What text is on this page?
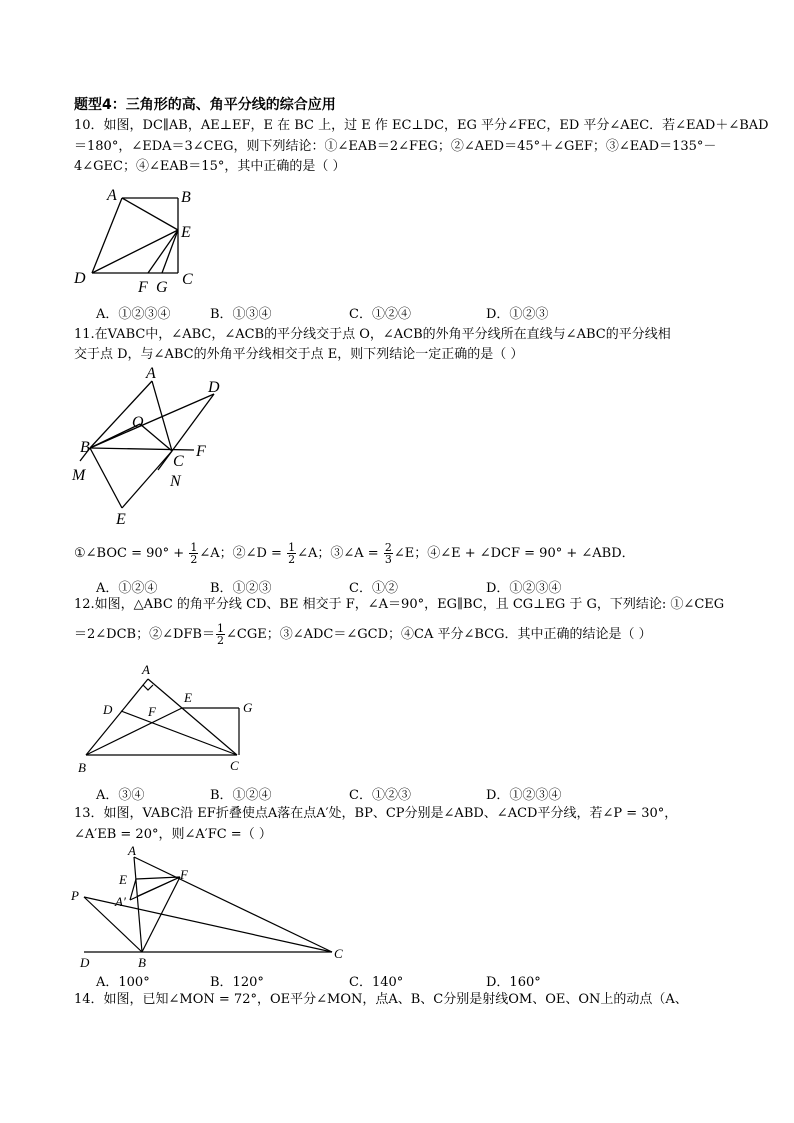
题型4：三角形的高、角平分线的综合应用
10．如图，DC∥AB，AE⊥EF，E 在 BC 上，过 E 作 EC⊥DC，EG 平分∠FEC，ED 平分∠AEC．若∠EAD＋∠BAD
＝180°，∠EDA＝3∠CEG，则下列结论：①∠EAB＝2∠FEG；②∠AED＝45°＋∠GEF；③∠EAD＝135°－
4∠GEC；④∠EAB＝15°，其中正确的是（ ）
A	B
E
D
F G C
A．①②③④	B．①③④	C．①②④	D．①②③
11.在VABC中，∠ABC，∠ACB的平分线交于点 O，∠ACB的外角平分线所在直线与∠ABC的平分线相
交于点 D，与∠ABC的外角平分线相交于点 E，则下列结论一定正确的是（ ）
A
D
O
B
C
F
M	N
E
①∠BOC = $90^\circ + \frac{1}{2}$ ∠A；②∠D = $\frac{1}{2}$ ∠A；③∠A = $\frac{2}{3}$ ∠E；④∠E + ∠DCF = 90° + ∠ABD．
A．①②④	B．①②③	C．①②	D．①②③④
12.如图，△ABC 的角平分线 CD、BE 相交于 F，∠A＝90°，EG∥BC，且 CG⊥EG 于 G，下列结论: ①∠CEG
＝2∠DCB；②∠DFB＝ $\frac{1}{2}$ ∠CGE；③∠ADC＝∠GCD；④CA 平分∠BCG．其中正确的结论是（ ）
A
D
E
F	G
B	C
A．③④	B．①②④	C．①②③	D．①②③④
13．如图，VABC沿 EF折叠使点A落在点A′处，BP、CP分别是∠ABD、∠ACD平分线，若∠P = 30°，
∠A′EB = 20°，则∠A′FC =（ ）
A
E	F
A′
P
D	B
C
A．100°	B．120°	C．140°	D．160°
14．如图，已知∠MON = 72°，OE平分∠MON，点A、B、C分别是射线OM、OE、ON上的动点（A、
